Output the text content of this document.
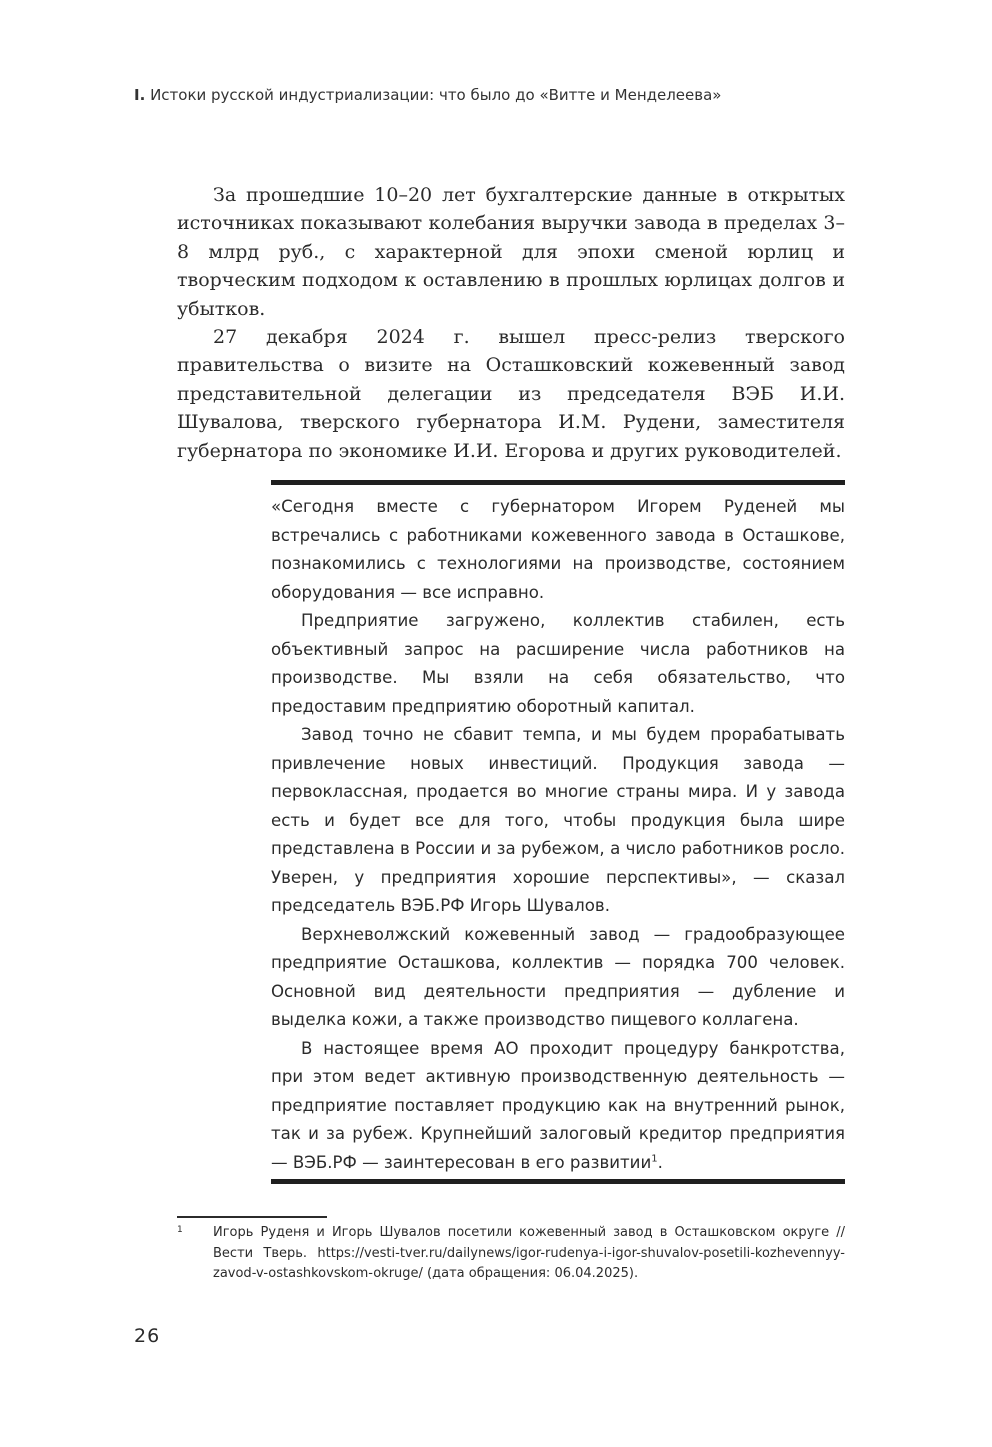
I. Истоки русской индустриализации: что было до «Витте и Менделеева»

За прошедшие 10–20 лет бухгалтерские данные в открытых источниках показывают колебания выручки завода в пределах 3–8 млрд руб., с характерной для эпохи сменой юрлиц и творческим подходом к оставлению в прошлых юрлицах долгов и убытков.

27 декабря 2024 г. вышел пресс-релиз тверского правительства о визите на Осташковский кожевенный завод представительной делегации из председателя ВЭБ И.И. Шувалова, тверского губернатора И.М. Рудени, заместителя губернатора по экономике И.И. Егорова и других руководителей.

«Сегодня вместе с губернатором Игорем Руденей мы встречались с работниками кожевенного завода в Осташкове, познакомились с технологиями на производстве, состоянием оборудования — все исправно.

Предприятие загружено, коллектив стабилен, есть объективный запрос на расширение числа работников на производстве. Мы взяли на себя обязательство, что предоставим предприятию оборотный капитал.

Завод точно не сбавит темпа, и мы будем прорабатывать привлечение новых инвестиций. Продукция завода — первоклассная, продается во многие страны мира. И у завода есть и будет все для того, чтобы продукция была шире представлена в России и за рубежом, а число работников росло. Уверен, у предприятия хорошие перспективы», — сказал председатель ВЭБ.РФ Игорь Шувалов.

Верхневолжский кожевенный завод — градообразующее предприятие Осташкова, коллектив — порядка 700 человек. Основной вид деятельности предприятия — дубление и выделка кожи, а также производство пищевого коллагена.

В настоящее время АО проходит процедуру банкротства, при этом ведет активную производственную деятельность — предприятие поставляет продукцию как на внутренний рынок, так и за рубеж. Крупнейший залоговый кредитор предприятия — ВЭБ.РФ — заинтересован в его развитии$^1$.

1 Игорь Руденя и Игорь Шувалов посетили кожевенный завод в Осташковском округе // Вести Тверь. https://vesti-tver.ru/dailynews/igor-rudenya-i-igor-shuvalov-posetili-kozhevennyy-zavod-v-ostashkovskom-okruge/ (дата обращения: 06.04.2025).
26
